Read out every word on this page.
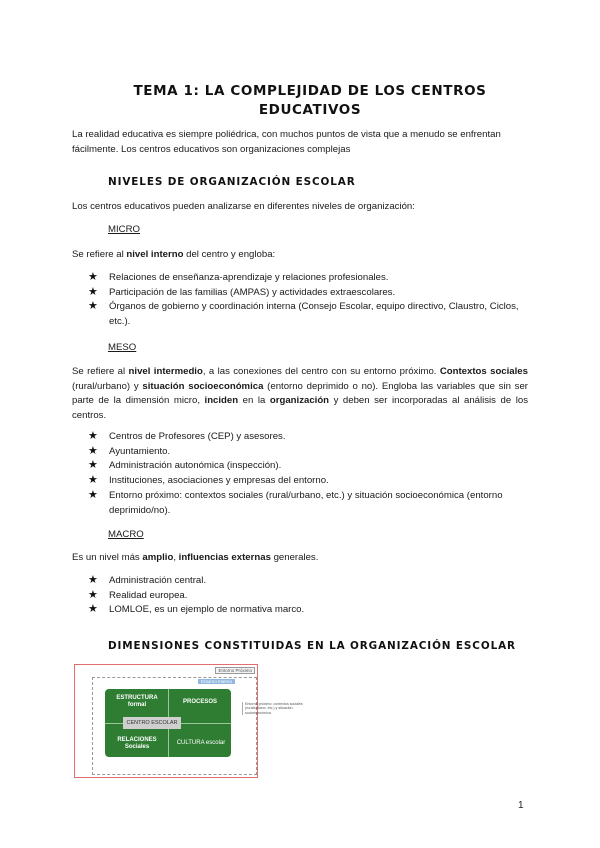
TEMA 1: LA COMPLEJIDAD DE LOS CENTROS
EDUCATIVOS
La realidad educativa es siempre poliédrica, con muchos puntos de vista que a menudo se enfrentan fácilmente. Los centros educativos son organizaciones complejas
NIVELES DE ORGANIZACIÓN ESCOLAR
Los centros educativos pueden analizarse en diferentes niveles de organización:
MICRO
Se refiere al nivel interno del centro y engloba:
★ Relaciones de enseñanza-aprendizaje y relaciones profesionales.
★ Participación de las familias (AMPAS) y actividades extraescolares.
★ Órganos de gobierno y coordinación interna (Consejo Escolar, equipo directivo, Claustro, Ciclos, etc.).
MESO
Se refiere al nivel intermedio, a las conexiones del centro con su entorno próximo. Contextos sociales (rural/urbano) y situación socioeconómica (entorno deprimido o no). Engloba las variables que sin ser parte de la dimensión micro, inciden en la organización y deben ser incorporadas al análisis de los centros.
★ Centros de Profesores (CEP) y asesores.
★ Ayuntamiento.
★ Administración autonómica (inspección).
★ Instituciones, asociaciones y empresas del entorno.
★ Entorno próximo: contextos sociales (rural/urbano, etc.) y situación socioeconómica (entorno deprimido/no).
MACRO
Es un nivel más amplio, influencias externas generales.
★ Administración central.
★ Realidad europea.
★ LOMLOE, es un ejemplo de normativa marco.
DIMENSIONES CONSTITUIDAS EN LA ORGANIZACIÓN ESCOLAR
Entorno Próximo
Entorno Interno
ESTRUCTURA formal	PROCESOS
RELACIONES Sociales
CULTURA escolar
CENTRO ESCOLAR
Entorno próximo: contextos sociales (rural/urbano, etc.) y situación socioeconómica
1
